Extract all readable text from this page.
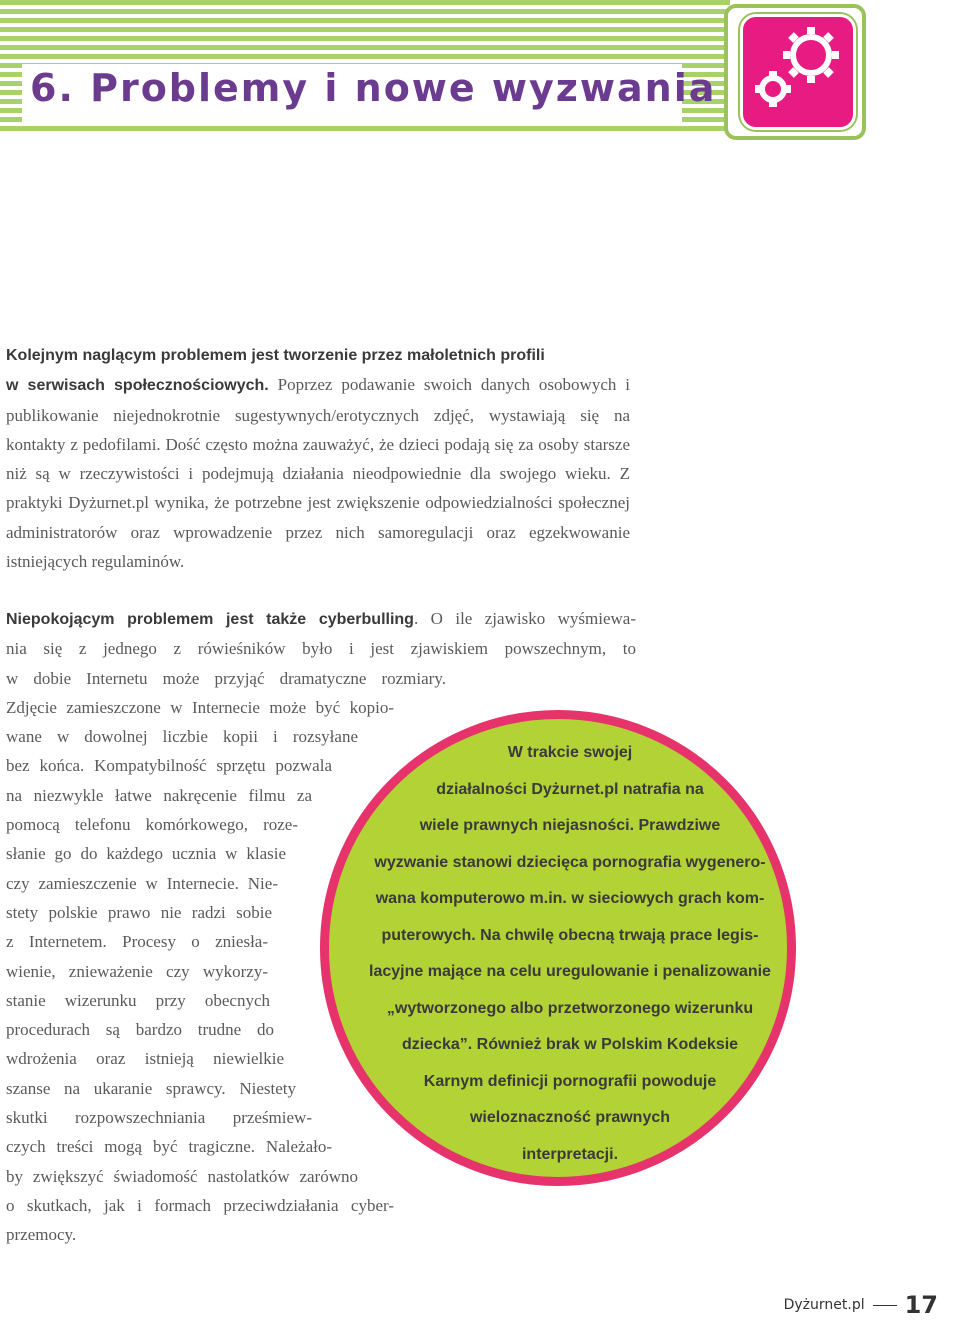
6. Problemy i nowe wyzwania
Kolejnym naglącym problemem jest tworzenie przez małoletnich profili
w serwisach społecznościowych. Poprzez podawanie swoich danych osobowych i publikowanie niejednokrotnie sugestywnych/erotycznych zdjęć, wystawiają się na kontakty z pedofilami. Dość często można zauważyć, że dzieci podają się za osoby starsze niż są w rzeczywistości i podejmują działania nieodpowiednie dla swojego wieku. Z praktyki Dyżurnet.pl wynika, że potrzebne jest zwiększenie odpowiedzialności społecznej administratorów oraz wprowadzenie przez nich samoregulacji oraz egzekwowanie istniejących regulaminów.
Niepokojącym problemem jest także cyberbulling. O ile zjawisko wyśmiewa-
nia się z jednego z rówieśników było i jest zjawiskiem powszechnym, to
w dobie Internetu może przyjąć dramatyczne rozmiary.
Zdjęcie zamieszczone w Internecie może być kopio-
wane w dowolnej liczbie kopii i rozsyłane
bez końca. Kompatybilność sprzętu pozwala
na niezwykle łatwe nakręcenie filmu za
pomocą telefonu komórkowego, roze-
słanie go do każdego ucznia w klasie
czy zamieszczenie w Internecie. Nie-
stety polskie prawo nie radzi sobie
z Internetem. Procesy o zniesła-
wienie, znieważenie czy wykorzy-
stanie wizerunku przy obecnych
procedurach są bardzo trudne do
wdrożenia oraz istnieją niewielkie
szanse na ukaranie sprawcy. Niestety
skutki rozpowszechniania prześmiew-
czych treści mogą być tragiczne. Należało-
by zwiększyć świadomość nastolatków zarówno
o skutkach, jak i formach przeciwdziałania cyber-
przemocy.
W trakcie swojej
działalności Dyżurnet.pl natrafia na
wiele prawnych niejasności. Prawdziwe
wyzwanie stanowi dziecięca pornografia wygenero-
wana komputerowo m.in. w sieciowych grach kom-
puterowych. Na chwilę obecną trwają prace legis-
lacyjne mające na celu uregulowanie i penalizowanie
„wytworzonego albo przetworzonego wizerunku
dziecka”. Również brak w Polskim Kodeksie
Karnym definicji pornografii powoduje
wieloznaczność prawnych
interpretacji.
Dyżurnet.pl 17
